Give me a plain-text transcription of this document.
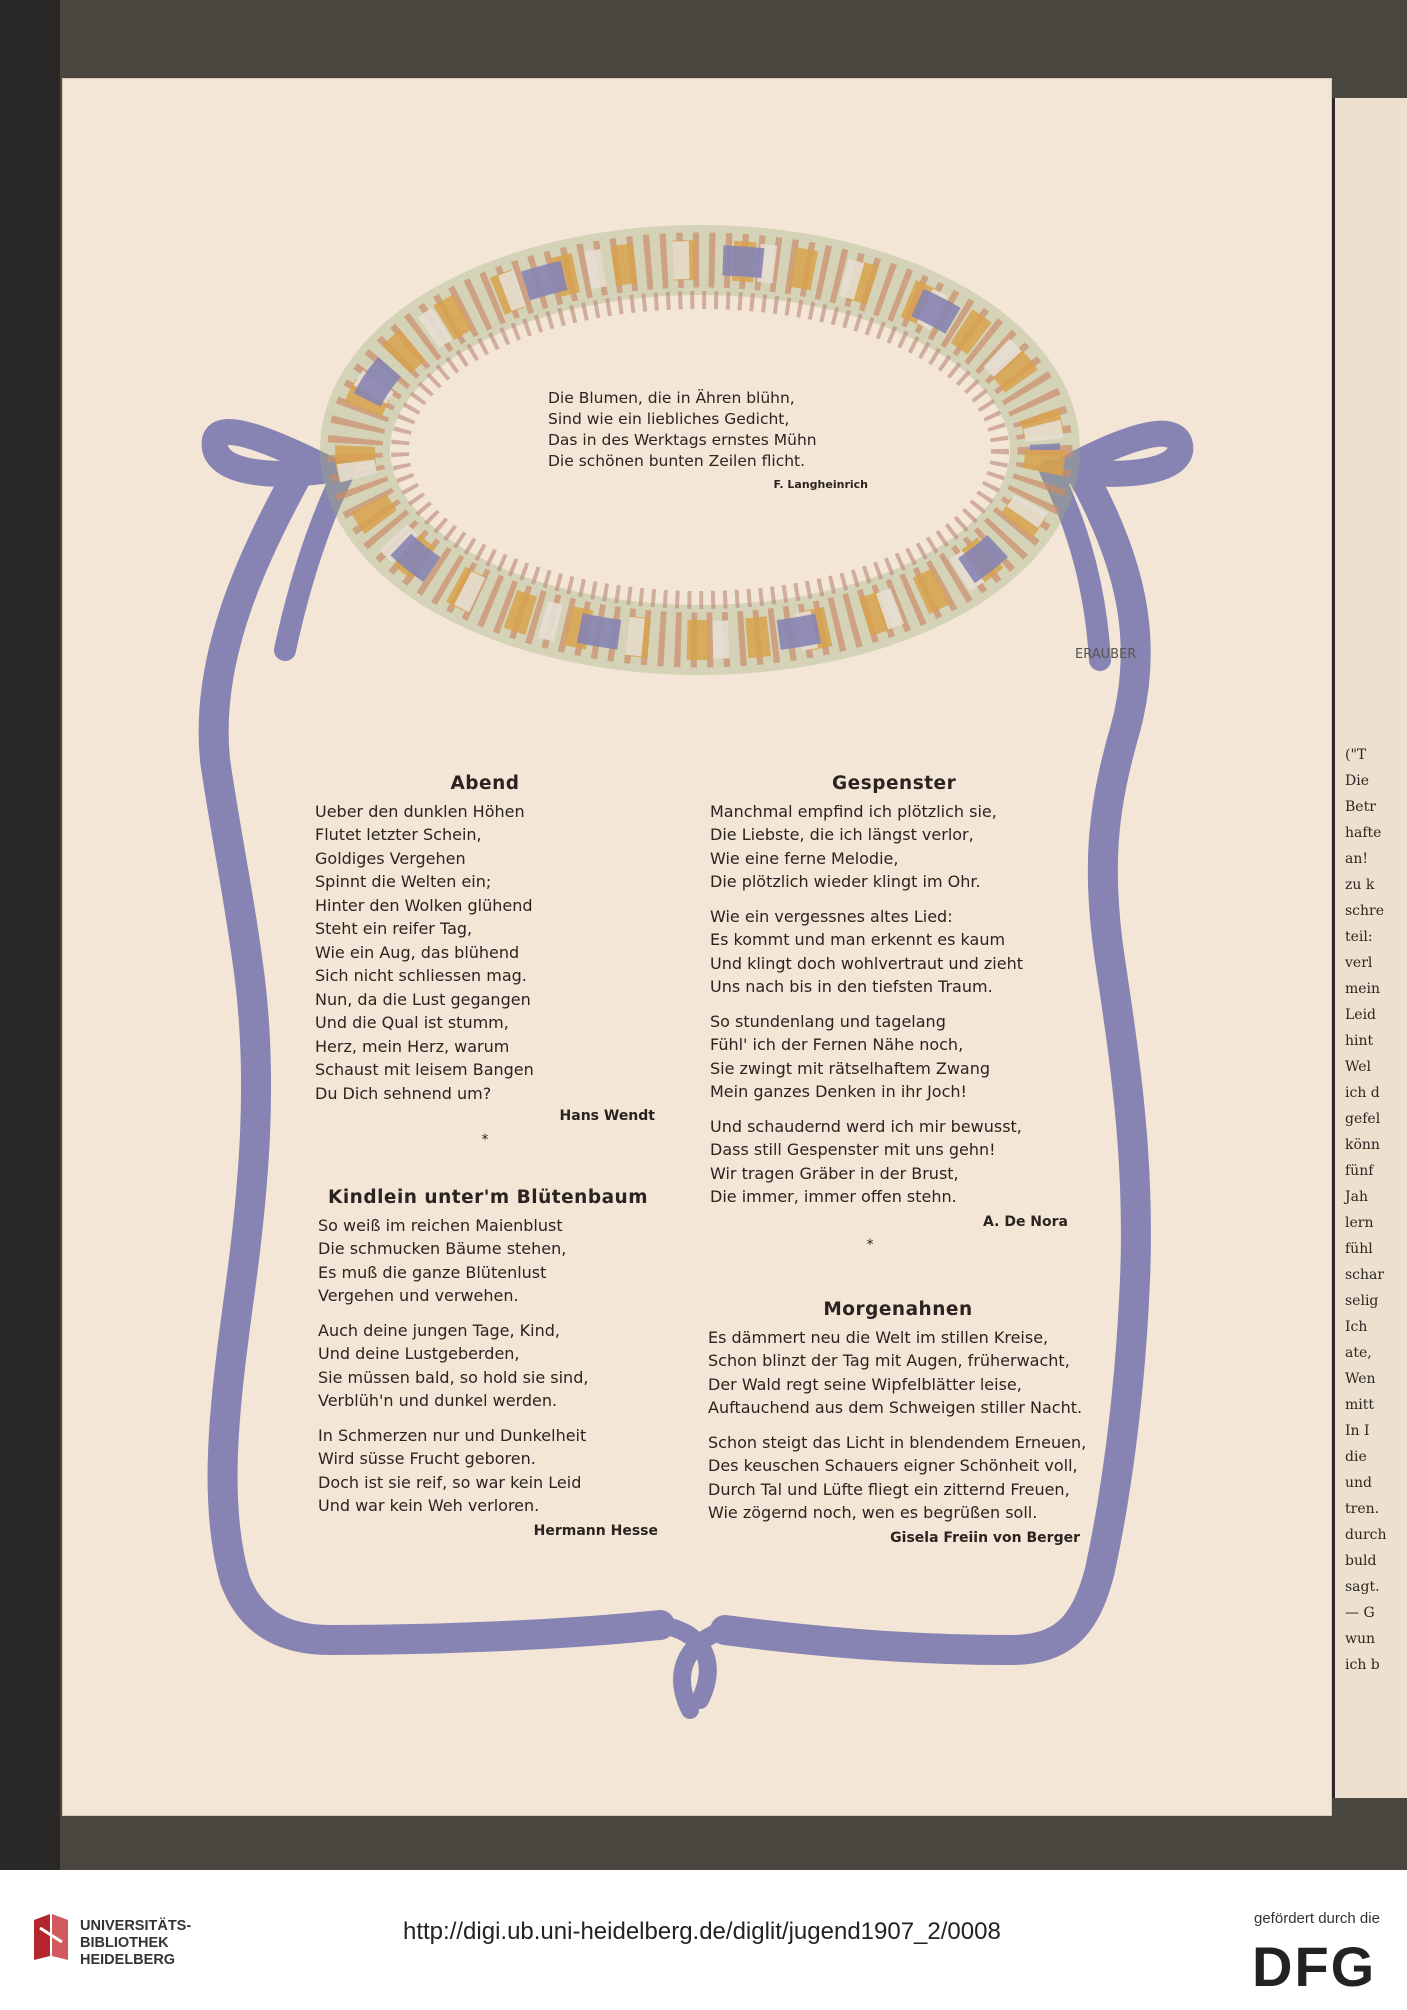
("T
Die
Betr
hafte
an!
zu k
schre
teil:
verl
mein
Leid
hint
Wel
ich d
gefel
könn
fünf
Jah
lern
fühl
schar
selig
Ich
ate,
Wen
mitt
In I
die
und
tren.
durch
buld
sagt.
— G
wun
ich b
ERAUBER
Die Blumen, die in Ähren blühn,
Sind wie ein liebliches Gedicht,
Das in des Werktags ernstes Mühn
Die schönen bunten Zeilen flicht.
F. Langheinrich
Abend
Ueber den dunklen Höhen
Flutet letzter Schein,
Goldiges Vergehen
Spinnt die Welten ein;
Hinter den Wolken glühend
Steht ein reifer Tag,
Wie ein Aug, das blühend
Sich nicht schliessen mag.
Nun, da die Lust gegangen
Und die Qual ist stumm,
Herz, mein Herz, warum
Schaust mit leisem Bangen
Du Dich sehnend um?
Hans Wendt
*
Kindlein unter'm Blütenbaum
So weiß im reichen Maienblust
Die schmucken Bäume stehen,
Es muß die ganze Blütenlust
Vergehen und verwehen.
Auch deine jungen Tage, Kind,
Und deine Lustgeberden,
Sie müssen bald, so hold sie sind,
Verblüh'n und dunkel werden.
In Schmerzen nur und Dunkelheit
Wird süsse Frucht geboren.
Doch ist sie reif, so war kein Leid
Und war kein Weh verloren.
Hermann Hesse
Gespenster
Manchmal empfind ich plötzlich sie,
Die Liebste, die ich längst verlor,
Wie eine ferne Melodie,
Die plötzlich wieder klingt im Ohr.
Wie ein vergessnes altes Lied:
Es kommt und man erkennt es kaum
Und klingt doch wohlvertraut und zieht
Uns nach bis in den tiefsten Traum.
So stundenlang und tagelang
Fühl' ich der Fernen Nähe noch,
Sie zwingt mit rätselhaftem Zwang
Mein ganzes Denken in ihr Joch!
Und schaudernd werd ich mir bewusst,
Dass still Gespenster mit uns gehn!
Wir tragen Gräber in der Brust,
Die immer, immer offen stehn.
A. De Nora
*
Morgenahnen
Es dämmert neu die Welt im stillen Kreise,
Schon blinzt der Tag mit Augen, früherwacht,
Der Wald regt seine Wipfelblätter leise,
Auftauchend aus dem Schweigen stiller Nacht.
Schon steigt das Licht in blendendem Erneuen,
Des keuschen Schauers eigner Schönheit voll,
Durch Tal und Lüfte fliegt ein zitternd Freuen,
Wie zögernd noch, wen es begrüßen soll.
Gisela Freiin von Berger
UNIVERSITÄTS-
BIBLIOTHEK
HEIDELBERG
http://digi.ub.uni-heidelberg.de/diglit/jugend1907_2/0008	gefördert durch die
DFG
